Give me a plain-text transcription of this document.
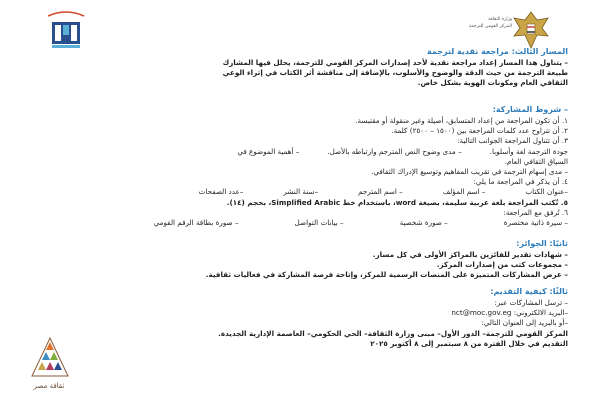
وزارة الثقافة
المركز القومي للترجمة
المسار الثالث: مراجعة نقدية لترجمة
– يتناول هذا المسار إعداد مراجعة نقدية لأحد إصدارات المركز القومي للترجمة، يحلل فيها المشارك
طبيعة الترجمة من حيث الدقة والوضوح والأسلوب، بالإضافة إلى مناقشة أثر الكتاب في إثراء الوعي
الثقافي العام ومكونات الهوية بشكل خاص.
– شروط المشاركة:
١. أن تكون المراجعة من إعداد المتسابق، أصيلة وغير منقولة أو مقتبسة.
٢. أن تتراوح عدد كلمات المراجعة بين (١٥٠٠ – ٢٥٠٠) كلمة.
٣. أن تتناول المراجعة الجوانب التالية:
جودة الترجمة لغة وأسلوبا.
– مدى وضوح النص المترجم وارتباطه بالأصل.
– أهمية الموضوع في
السياق الثقافي العام.
– مدى إسهام الترجمة في تقريب المفاهيم وتوسيع الإدراك الثقافي.
٤. أن يذكر في المراجعة ما يلي:
–عنوان الكتاب
– اسم المؤلف
– اسم المترجم
–سنة النشر
–عدد الصفحات
٥. تُكتب المراجعة بلغة عربية سليمة، بصيغة word، باستخدام خط Simplified Arabic، بحجم (١٤).
٦. تُرفق مع المراجعة:
– سيرة ذاتية مختصرة
– صورة شخصية
– بيانات التواصل
– صورة بطاقة الرقم القومي
ثانيًا: الجوائز:
– شهادات تقدير للفائزين بالمراكز الأولى في كل مسار.
– مجموعات كتب من إصدارات المركز.
– عرض المشاركات المتميزة على المنصات الرسمية للمركز، وإتاحة فرصة المشاركة في فعاليات ثقافية.
ثالثًا: كيفية التقديم:
– ترسل المشاركات عبر:
–البريد الالكتروني: nct@moc.gov.eg
–أو بالبريد إلى العنوان التالي:
المركز القومي للترجمة– الدور الأول– مبنى وزارة الثقافة– الحي الحكومي– العاصمة الإدارية الجديدة.
التقديم في خلال الفترة من ٨ سبتمبر إلى ٨ أكتوبر ٢٠٢٥
ثقافة مصر
